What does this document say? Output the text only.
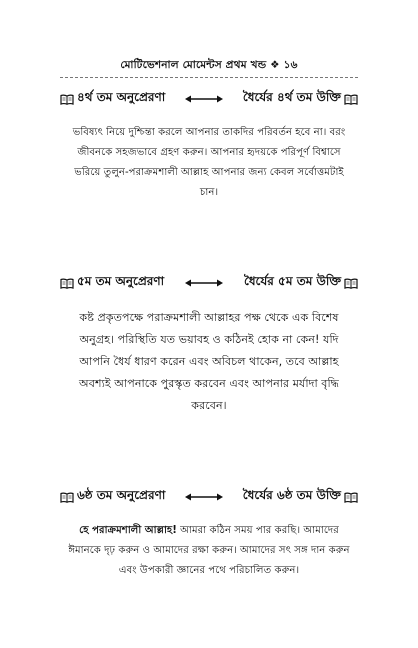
মোটিভেশনাল মোমেন্টস প্রথম খন্ড ❖ ১৬
৪র্থ তম অনুপ্রেরণা	ধৈর্যের ৪র্থ তম উক্তি
ভবিষ্যৎ নিয়ে দুশ্চিন্তা করলে আপনার তাকদির পরিবর্তন হবে না। বরং জীবনকে সহজভাবে গ্রহণ করুন। আপনার হৃদয়কে পরিপূর্ণ বিশ্বাসে ভরিয়ে তুলুন-পরাক্রমশালী আল্লাহ আপনার জন্য কেবল সর্বোত্তমটাই চান।
৫ম তম অনুপ্রেরণা	ধৈর্যের ৫ম তম উক্তি
কষ্ট প্রকৃতপক্ষে পরাক্রমশালী আল্লাহর পক্ষ থেকে এক বিশেষ অনুগ্রহ। পরিস্থিতি যত ভয়াবহ ও কঠিনই হোক না কেন! যদি আপনি ধৈর্য ধারণ করেন এবং অবিচল থাকেন, তবে আল্লাহ অবশ্যই আপনাকে পুরস্কৃত করবেন এবং আপনার মর্যাদা বৃদ্ধি করবেন।
৬ষ্ঠ তম অনুপ্রেরণা	ধৈর্যের ৬ষ্ঠ তম উক্তি
হে পরাক্রমশালী আল্লাহ! আমরা কঠিন সময় পার করছি। আমাদের ঈমানকে দৃঢ় করুন ও আমাদের রক্ষা করুন। আমাদের সৎ সঙ্গ দান করুন এবং উপকারী জ্ঞানের পথে পরিচালিত করুন।
